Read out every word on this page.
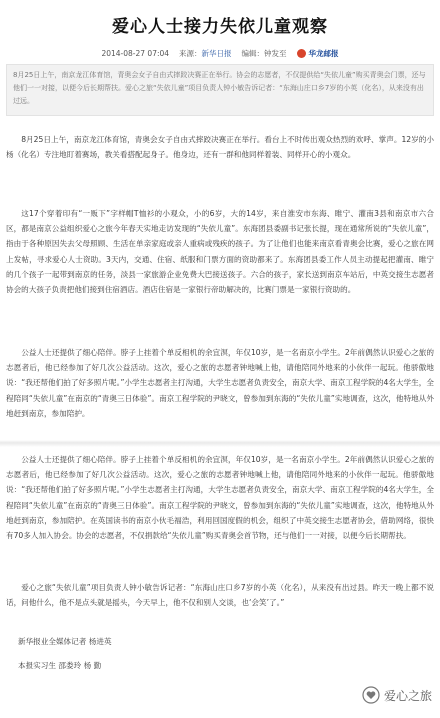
爱心人士接力失依儿童观察
2014-08-27 07:04 来源：新华日报 编辑：钟发至	华龙邮报
8月25日上午，南京龙江体育馆，青奥会女子自由式摔跤决赛正在举行。协会的志愿者，不仅提供给“失依儿童”购买青奥会门票，还与他们一一对接，以便今后长期帮扶。爱心之旅“失依儿童”项目负责人钟小敏告诉记者：“东海山庄口乡7岁的小英（化名），从来没有出过远。
8月25日上午，南京龙江体育馆，青奥会女子自由式摔跤决赛正在举行。看台上不时传出观众热烈的欢呼、掌声。12岁的小杨（化名）专注地盯着赛场，教关看搭配起身子。他身边，还有一群和他同样着装、同样开心的小观众。
这17个穿着印有“一贩下”字样帽T恤衫的小观众，小的6岁，大的14岁，来自淮安市东海、睢宁、灌南3县和南京市六合区，都是南京公益组织爱心之旅今年春天实地走访发现的“失依儿童”。东海团县委副书记张长提，现在通常所说的“失依儿童”，指由于各种原因失去父母照顾、生活在单亲家庭或亲人重病或残疾的孩子。为了让他们也能来南京看青奥会比赛，爱心之旅在网上发帖，寻求爱心人士资助。3天内，交通、住宿、纸服和门票方面的资助都来了。东海团县委工作人员主动提起把灌南、睢宁的几个孩子一起带到南京的任务，淡县一家旅游企业免费大巴接送孩子。六合的孩子，家长送到南京车站后，中英交接生志愿者协会的大孩子负责把他们接到住宿酒店。酒店住宿是一家银行帝助解决的，比赛门票是一家银行资助的。
公益人士还提供了细心陪伴。脖子上挂着个单反相机的余宜溟，年仅10岁，是一名南京小学生。2年前偶然认识爱心之旅的志愿者后，他已经参加了好几次公益活动。这次，爱心之旅的志愿者钟地喊上他，请他陪同外地来的小伙伴一起玩。他骄傲地说：“我还帮他们拍了好多照片呢。”小学生志愿者主打沟通，大学生志愿者负责安全，南京大学、南京工程学院的4名大学生，全程陪同“失依儿童”在南京的“青奥三日体验”。南京工程学院的尹晓文，曾参加到东海的“失依儿童”实地调查，这次，他特地从外地赶到南京，参加陪护。
公益人士还提供了细心陪伴。脖子上挂着个单反相机的余宜溟，年仅10岁，是一名南京小学生。2年前偶然认识爱心之旅的志愿者后，他已经参加了好几次公益活动。这次，爱心之旅的志愿者钟地喊上他，请他陪同外地来的小伙伴一起玩。他骄傲地说：“我还帮他们拍了好多照片呢。”小学生志愿者主打沟通，大学生志愿者负责安全，南京大学、南京工程学院的4名大学生，全程陪同“失依儿童”在南京的“青奥三日体验”。南京工程学院的尹晓文，曾参加到东海的“失依儿童”实地调查，这次，他特地从外地赶到南京，参加陪护。在英国读书的南京小伙毛福浩，利用回国度假的机会，组织了中英交接生志愿者协会，借助网络，很快有70多人加入协会。协会的志愿者，不仅捐款给“失依儿童”购买青奥会首节物，还与他们一一对接，以便今后长期帮扶。
爱心之旅“失依儿童”项目负责人钟小敏告诉记者：“东海山庄口乡7岁的小英（化名），从来没有出过县。昨天一晚上都不说话，问他什么，他不是点头就是摇头，今天早上，他不仅和别人交谈，也‘会笑’了。”
新华报业全媒体记者 杨进英
本报实习生 邵娄玲 杨 勤
爱心之旅
